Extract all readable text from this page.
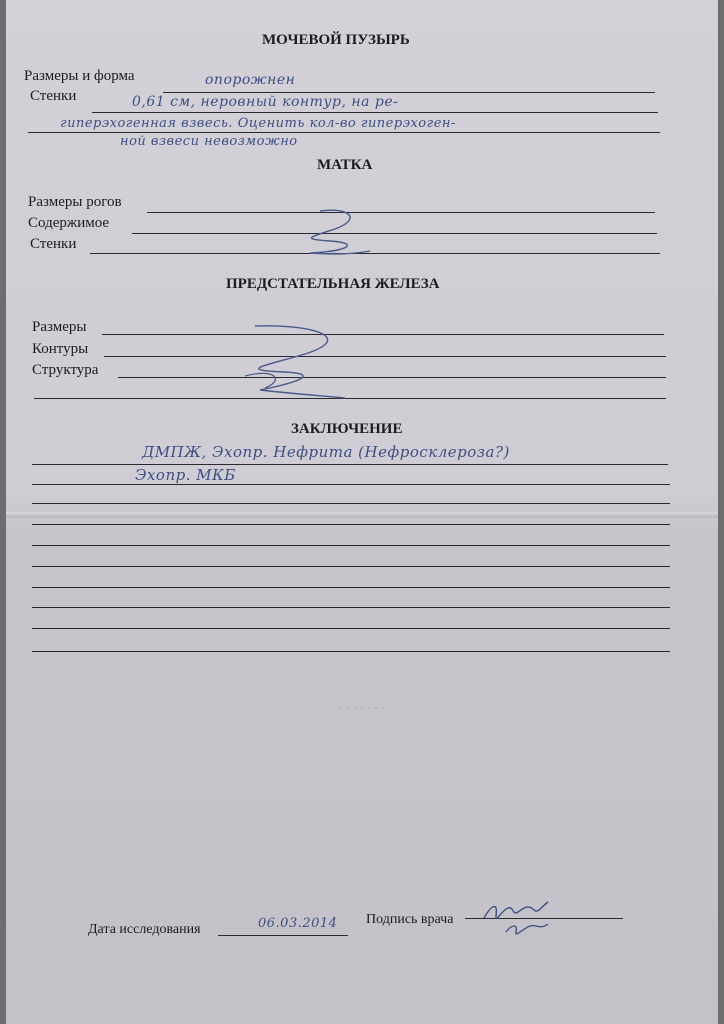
. . . . . . .
МОЧЕВОЙ ПУЗЫРЬ
Размеры и форма	опорожнен
Стенки	0,61 см, неровный контур, на ре-
гиперэхогенная взвесь. Оценить кол-во гиперэхоген-
ной взвеси невозможно
МАТКА
Размеры рогов
Содержимое
Стенки
ПРЕДСТАТЕЛЬНАЯ ЖЕЛЕЗА
Размеры
Контуры
Структура
ЗАКЛЮЧЕНИЕ
ДМПЖ, Эхопр. Нефрита (Нефросклероза?)
Эхопр. МКБ
Дата исследования	06.03.2014 Подпись врача
